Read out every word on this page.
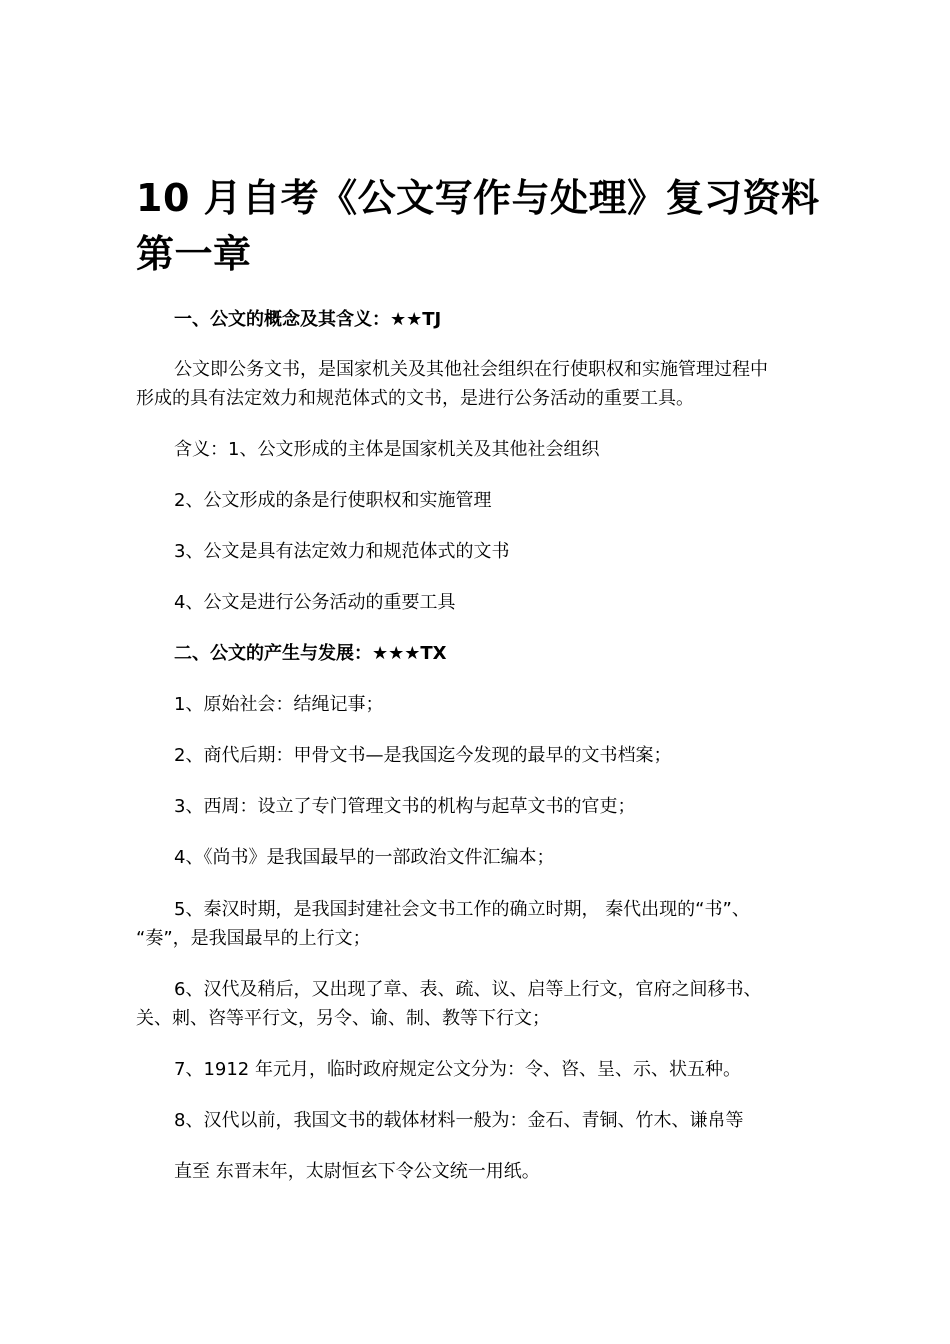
10 月自考《公文写作与处理》复习资料
第一章
一、公文的概念及其含义：★★TJ
公文即公务文书，是国家机关及其他社会组织在行使职权和实施管理过程中
形成的具有法定效力和规范体式的文书，是进行公务活动的重要工具。
含义：1、公文形成的主体是国家机关及其他社会组织
2、公文形成的条是行使职权和实施管理
3、公文是具有法定效力和规范体式的文书
4、公文是进行公务活动的重要工具
二、公文的产生与发展：★★★TX
1、原始社会：结绳记事；
2、商代后期：甲骨文书—是我国迄今发现的最早的文书档案；
3、西周：设立了专门管理文书的机构与起草文书的官吏；
4、《尚书》是我国最早的一部政治文件汇编本；
5、秦汉时期，是我国封建社会文书工作的确立时期， 秦代出现的“书”、
“奏”，是我国最早的上行文；
6、汉代及稍后，又出现了章、表、疏、议、启等上行文，官府之间移书、
关、刺、咨等平行文，另令、谕、制、教等下行文；
7、1912 年元月，临时政府规定公文分为：令、咨、呈、示、状五种。
8、汉代以前，我国文书的载体材料一般为：金石、青铜、竹木、谦帛等
直至 东晋末年，太尉恒玄下令公文统一用纸。
